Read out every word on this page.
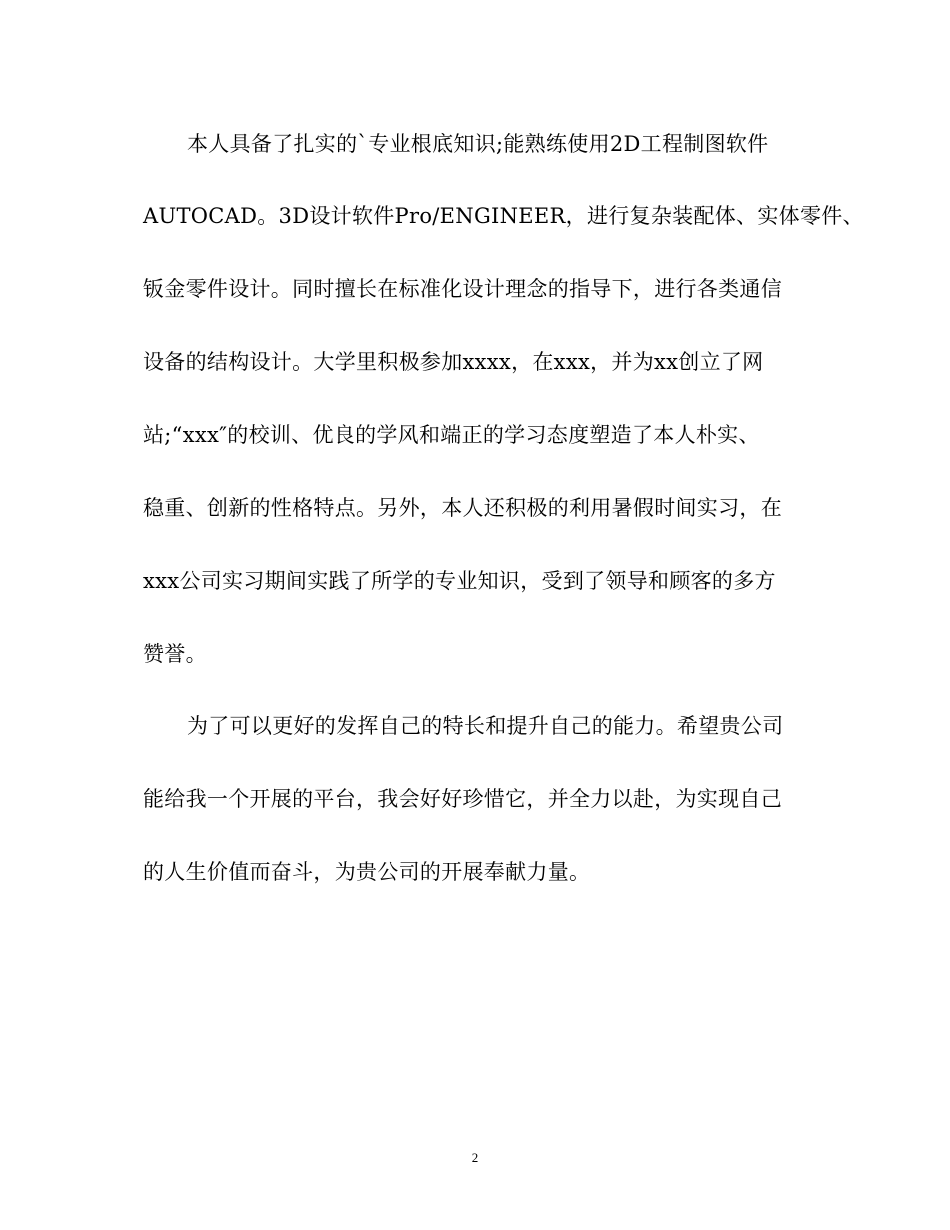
本人具备了扎实的`专业根底知识;能熟练使用2D工程制图软件
AUTOCAD。3D设计软件Pro/ENGINEER，进行复杂装配体、实体零件、
钣金零件设计。同时擅长在标准化设计理念的指导下，进行各类通信
设备的结构设计。大学里积极参加xxxx，在xxx，并为xx创立了网
站;“xxx″的校训、优良的学风和端正的学习态度塑造了本人朴实、
稳重、创新的性格特点。另外，本人还积极的利用暑假时间实习，在
xxx公司实习期间实践了所学的专业知识，受到了领导和顾客的多方
赞誉。
为了可以更好的发挥自己的特长和提升自己的能力。希望贵公司
能给我一个开展的平台，我会好好珍惜它，并全力以赴，为实现自己
的人生价值而奋斗，为贵公司的开展奉献力量。
2
